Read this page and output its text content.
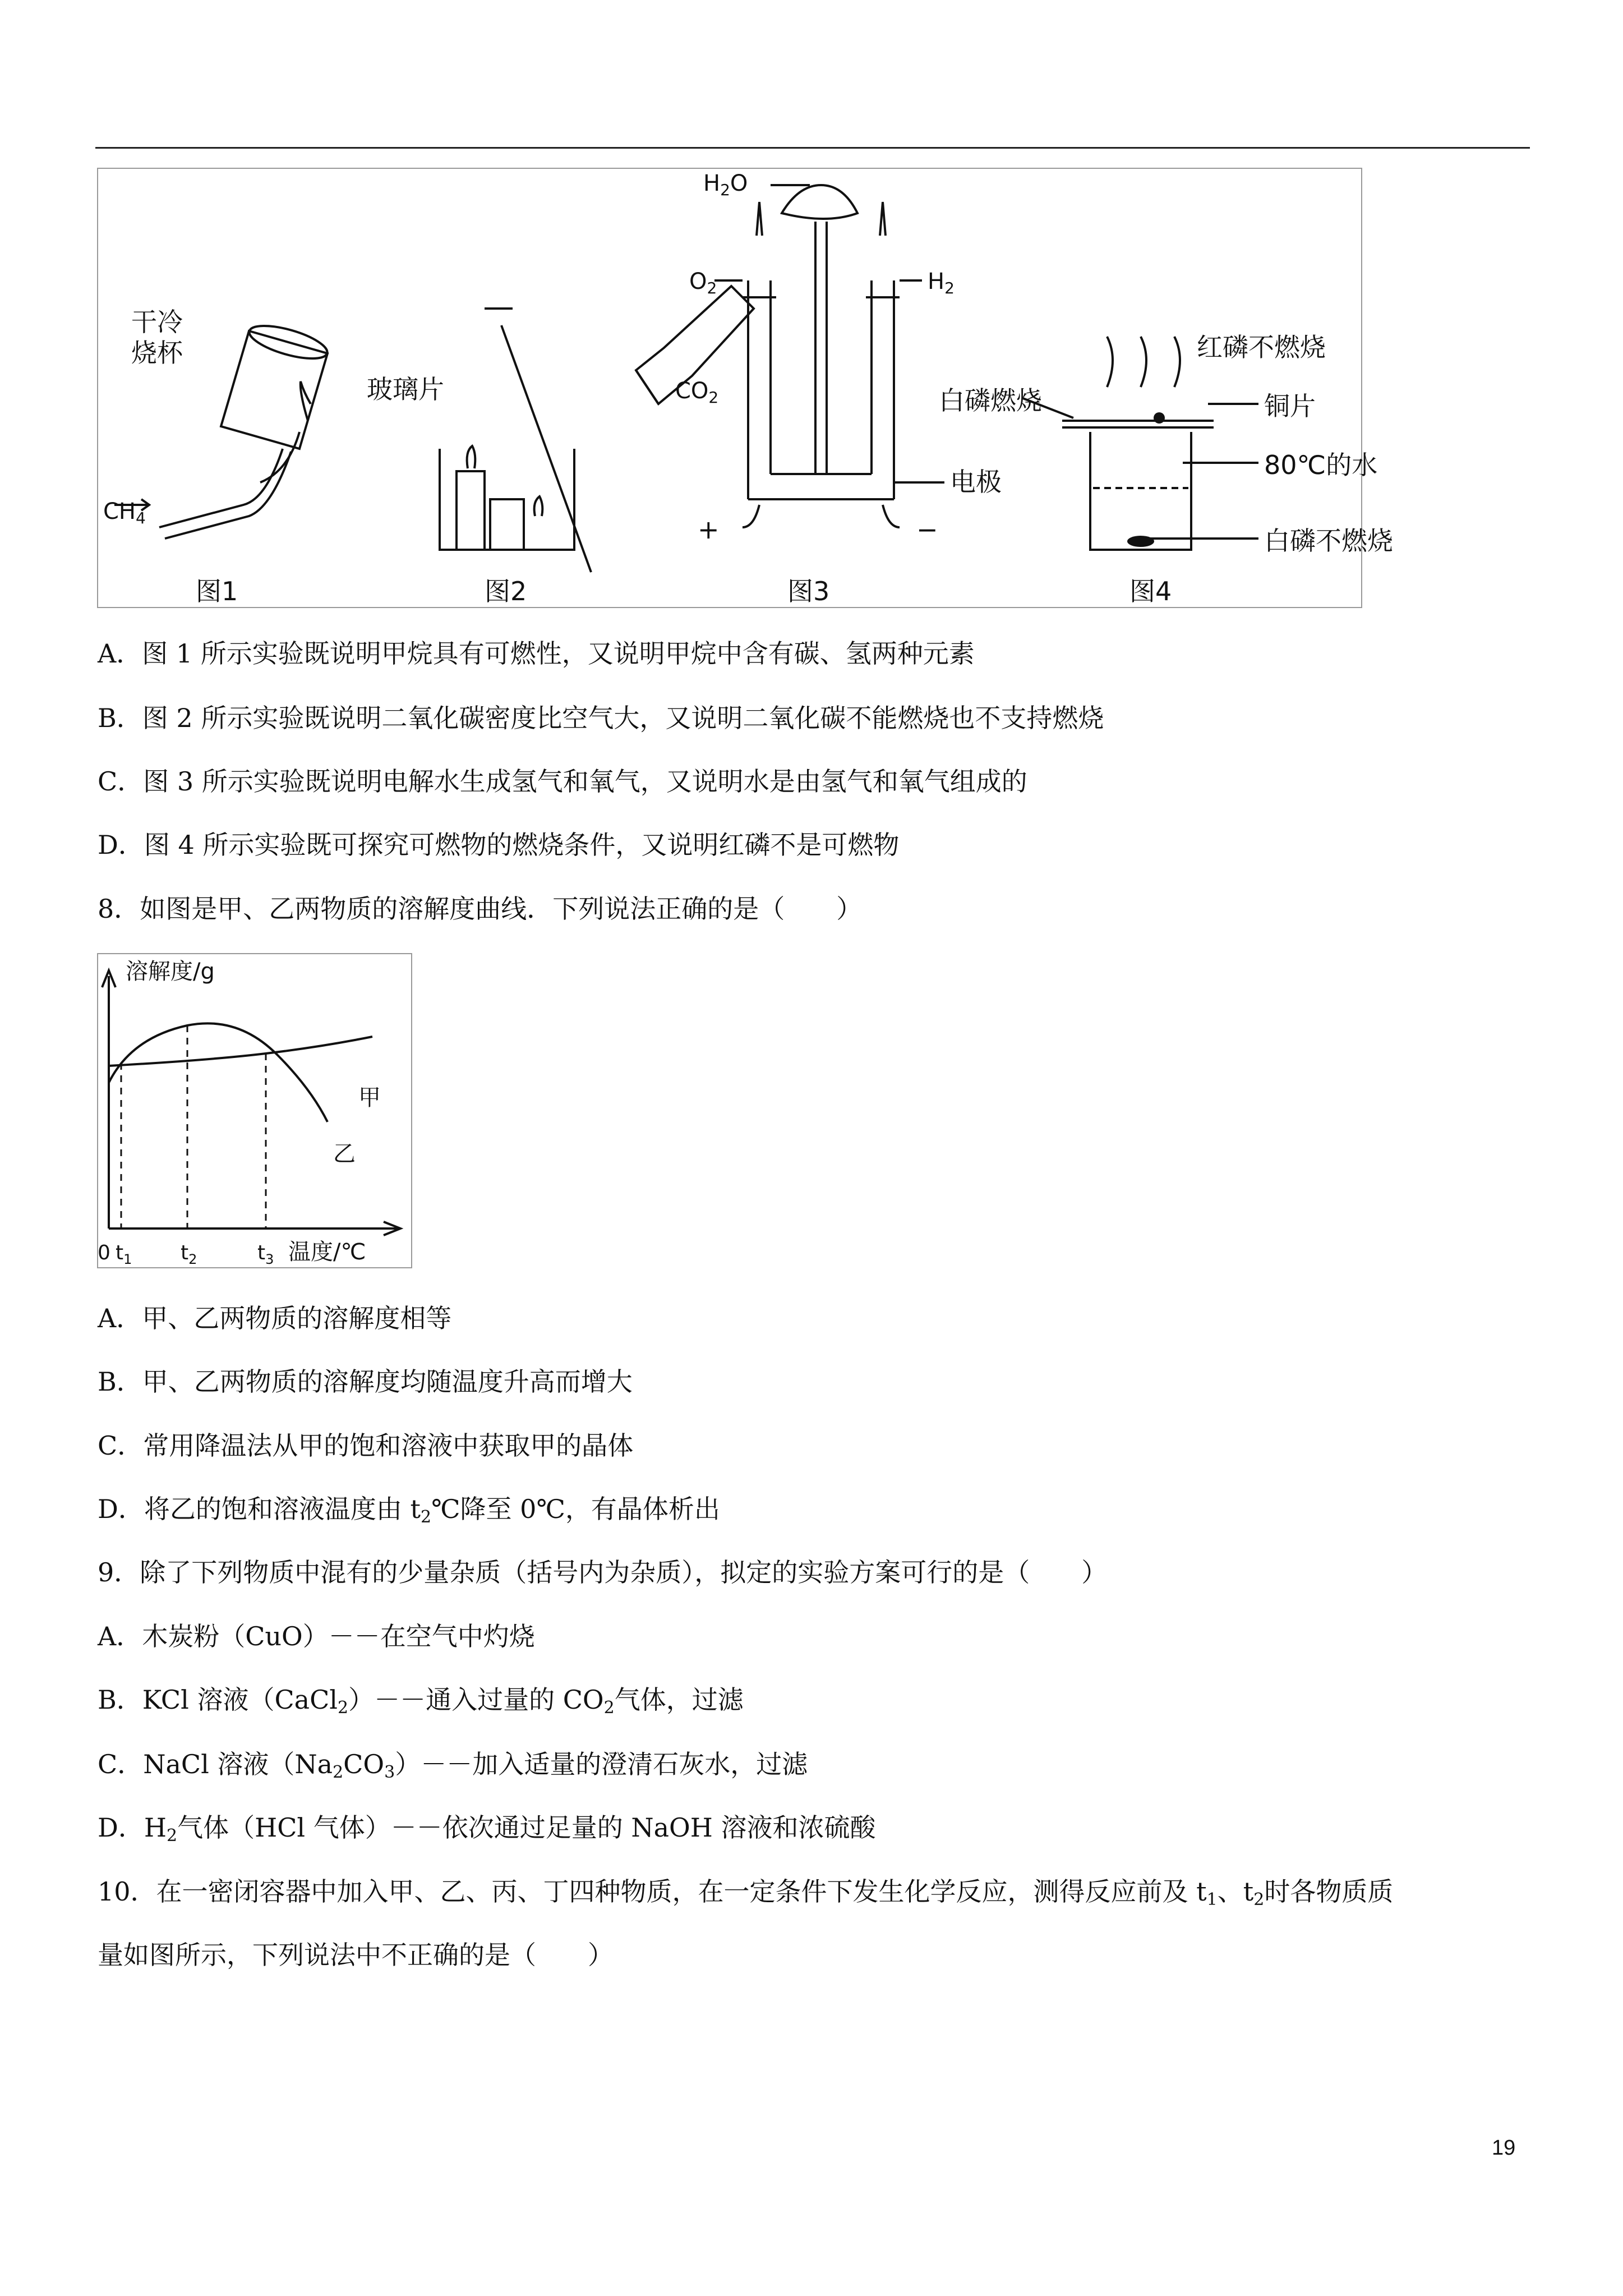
干冷
烧杯
$CH_4$
图1
玻璃片	$CO_2$
图2
$H_2O$
$O_2$	$H_2$
电极
+	−
图3
红磷不燃烧
白磷燃烧	铜片
80℃的水
白磷不燃烧
图4
A．图 1 所示实验既说明甲烷具有可燃性，又说明甲烷中含有碳、氢两种元素
B．图 2 所示实验既说明二氧化碳密度比空气大，又说明二氧化碳不能燃烧也不支持燃烧
C．图 3 所示实验既说明电解水生成氢气和氧气，又说明水是由氢气和氧气组成的
D．图 4 所示实验既可探究可燃物的燃烧条件，又说明红磷不是可燃物
8．如图是甲、乙两物质的溶解度曲线．下列说法正确的是（　　）
溶解度/g
0 $t_1$ $t_2$	$t_3$ 温度/℃
甲
乙
A．甲、乙两物质的溶解度相等
B．甲、乙两物质的溶解度均随温度升高而增大
C．常用降温法从甲的饱和溶液中获取甲的晶体
D．将乙的饱和溶液温度由 $t_2℃$降至 0℃，有晶体析出
9．除了下列物质中混有的少量杂质（括号内为杂质），拟定的实验方案可行的是（　　）
A．木炭粉（CuO）－－在空气中灼烧
B．KCl 溶液（CaCl$_2$）－－通入过量的 $CO_2$气体，过滤
C．NaCl 溶液$(Na_2CO_3)--$加入适量的澄清石灰水，过滤
D．$H_2$气体（HCl 气体）－－依次通过足量的 NaOH 溶液和浓硫酸
10．在一密闭容器中加入甲、乙、丙、丁四种物质，在一定条件下发生化学反应，测得反应前及 $t_1$、$t_2$时各物质质
量如图所示，下列说法中不正确的是（　　）
19
